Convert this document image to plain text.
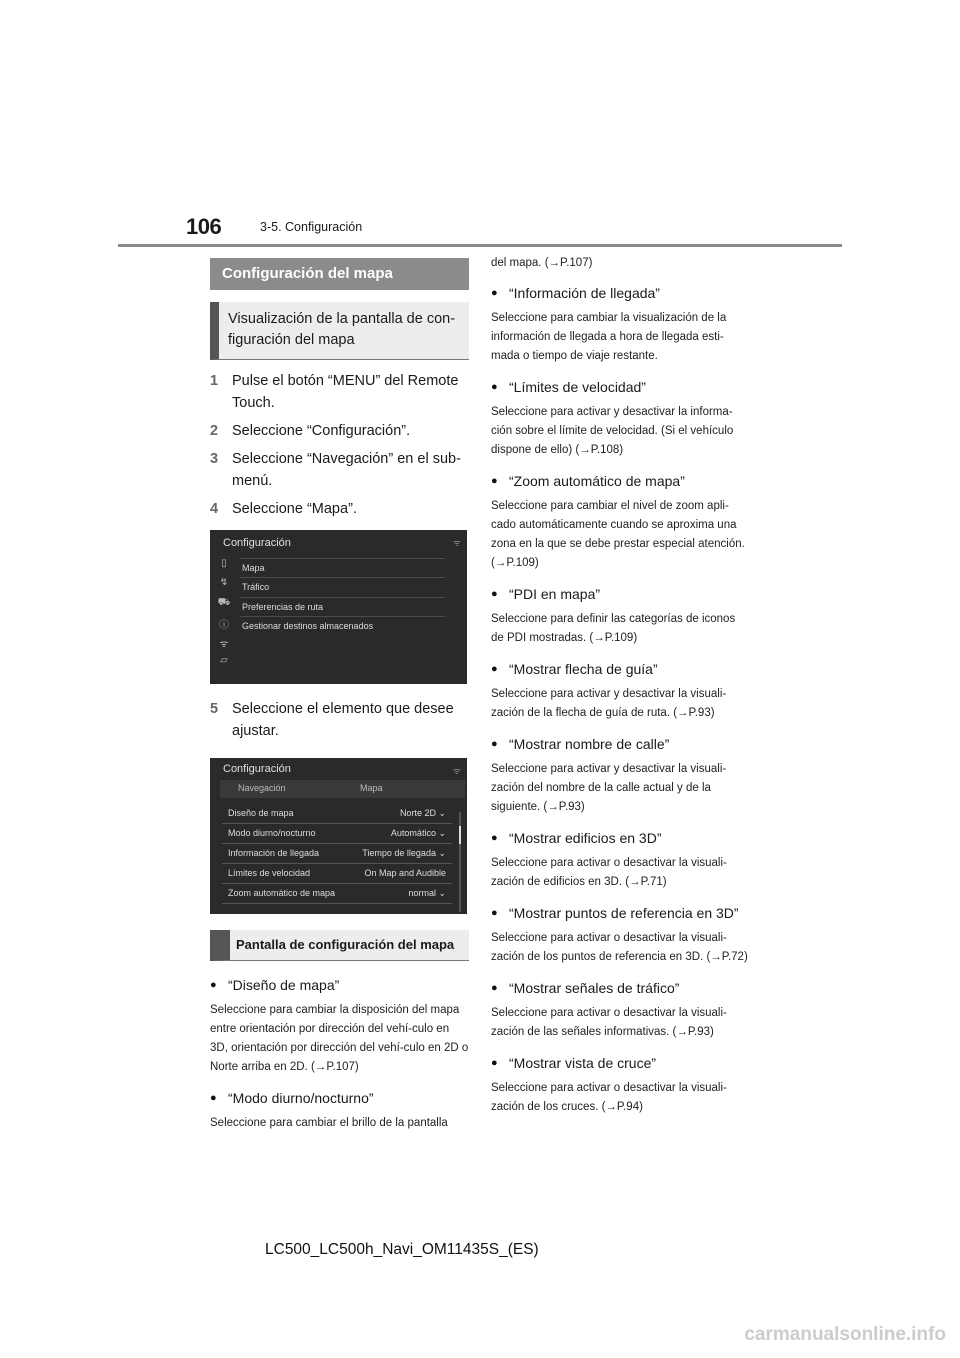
106	3-5. Configuración
Configuración del mapa
Visualización de la pantalla de con-figuración del mapa
1 Pulse el botón “MENU” del Remote Touch.
2 Seleccione “Configuración”.
3 Seleccione “Navegación” en el sub-menú.
4 Seleccione “Mapa”.
Configuración	ᯤ
▯
↯
⛟
ⓘ
ᯤ
▱
Mapa
Tráfico
Preferencias de ruta
Gestionar destinos almacenados
5 Seleccione el elemento que desee ajustar.
Configuración	ᯤ
Navegación	Mapa
Diseño de mapa	Norte 2D ⌄
Modo diurno/nocturno	Automático ⌄
Información de llegada	Tiempo de llegada ⌄
Límites de velocidad	On Map and Audible
Zoom automático de mapa	normal ⌄
Pantalla de configuración del mapa
● “Diseño de mapa”
Seleccione para cambiar la disposición del mapa entre orientación por dirección del vehí-culo en 3D, orientación por dirección del vehí-culo en 2D o Norte arriba en 2D. (→P.107)
● “Modo diurno/nocturno”
Seleccione para cambiar el brillo de la pantalla
del mapa. (→P.107)
● “Información de llegada”
Seleccione para cambiar la visualización de la información de llegada a hora de llegada esti-mada o tiempo de viaje restante.
● “Límites de velocidad”
Seleccione para activar y desactivar la informa-ción sobre el límite de velocidad. (Si el vehículo dispone de ello) (→P.108)
● “Zoom automático de mapa”
Seleccione para cambiar el nivel de zoom apli-cado automáticamente cuando se aproxima una zona en la que se debe prestar especial atención. (→P.109)
● “PDI en mapa”
Seleccione para definir las categorías de iconos de PDI mostradas. (→P.109)
● “Mostrar flecha de guía”
Seleccione para activar y desactivar la visuali-zación de la flecha de guía de ruta. (→P.93)
● “Mostrar nombre de calle”
Seleccione para activar y desactivar la visuali-zación del nombre de la calle actual y de la siguiente. (→P.93)
● “Mostrar edificios en 3D”
Seleccione para activar o desactivar la visuali-zación de edificios en 3D. (→P.71)
● “Mostrar puntos de referencia en 3D”
Seleccione para activar o desactivar la visuali-zación de los puntos de referencia en 3D. (→P.72)
● “Mostrar señales de tráfico”
Seleccione para activar o desactivar la visuali-zación de las señales informativas. (→P.93)
● “Mostrar vista de cruce”
Seleccione para activar o desactivar la visuali-zación de los cruces. (→P.94)
LC500_LC500h_Navi_OM11435S_(ES)
carmanualsonline.info
